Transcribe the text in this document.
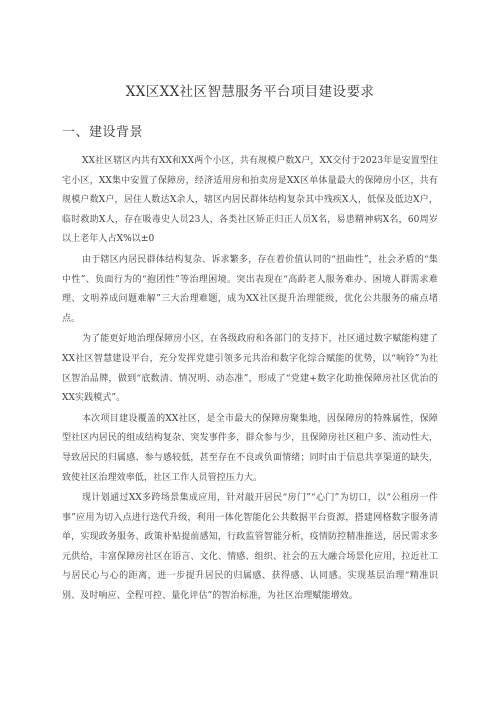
XX区XX社区智慧服务平台项目建设要求
一、建设背景

XX社区辖区内共有XX和XX两个小区，共有规模户数X户，XX交付于2023年是安置型住宅小区，XX集中安置了保障房，经济适用房和拍卖房是XX区单体量最大的保障房小区，共有规模户数X户，居住人数达X余人，辖区内居民群体结构复杂其中残疾X人，低保及低边X户，临时救助X人，存在吸毒史人员23人，各类社区矫正归正人员X名，易患精神病X名，60周岁以上老年人占X%以±0

由于辖区内居民群体结构复杂、诉求繁多，存在着价值认同的“扭曲性”，社会矛盾的“集中性”、负面行为的“抱团性”等治理困境。突出表现在“高龄老人服务难办、困境人群需求难理、文明养成问题难解”三大治理难题，成为XX社区提升治理能级，优化公共服务的痛点堵点。

为了能更好地治理保障房小区，在各级政府和各部门的支持下，社区通过数字赋能构建了XX社区智慧建设平台，充分发挥党建引领多元共治和数字化综合赋能的优势，以“响铃”为社区智治品牌，做到“底数清、情况明、动态准”，形成了“党建+数字化助推保障房社区优治的XX实践模式”。

本次项目建设覆盖的XX社区，是全市最大的保障房聚集地，因保障房的特殊属性，保障型社区内居民的组成结构复杂、突发事件多，群众参与少，且保障房社区租户多、流动性大，导致居民的归属感、参与感较低，甚至存在不良或负面情绪；同时由于信息共享渠道的缺失，致使社区治理效率低，社区工作人员管控压力大。

现计划通过XX多跨场景集成应用，针对敲开居民“房门”“心门”为切口，以“公租房一件事”应用为切入点进行迭代升级，利用一体化智能化公共数据平台资源，搭建网格数字服务清单，实现政务服务、政策补贴提前感知，行政监管智能分析，疫情防控精准推送，居民需求多元供给，丰富保障房社区在语言、文化、情感、组织、社会的五大融合场景化应用，拉近社工与居民心与心的距离，进一步提升居民的归属感、获得感、认同感。实现基层治理“精准识别、及时响应、全程可控、量化评估”的智治标准，为社区治理赋能增效。
